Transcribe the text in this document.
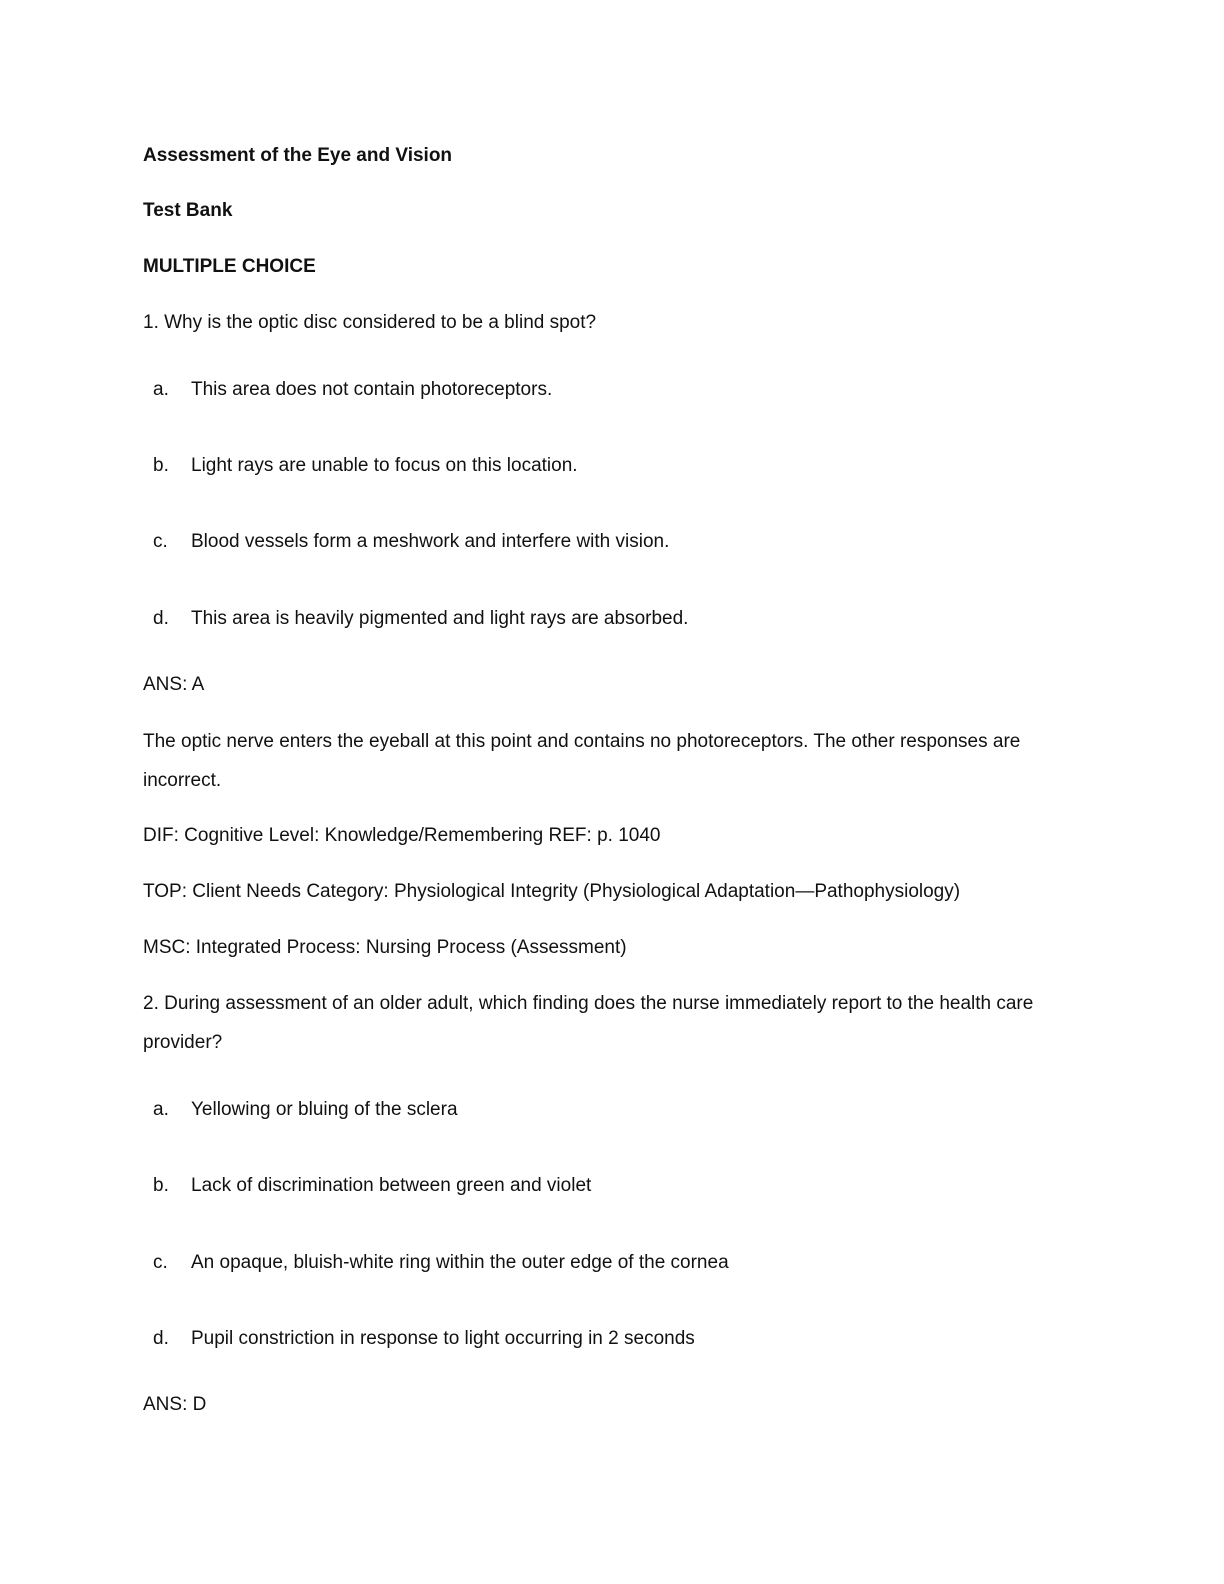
Assessment of the Eye and Vision
Test Bank
MULTIPLE CHOICE
1. Why is the optic disc considered to be a blind spot?
a. This area does not contain photoreceptors.
b. Light rays are unable to focus on this location.
c. Blood vessels form a meshwork and interfere with vision.
d. This area is heavily pigmented and light rays are absorbed.
ANS: A
The optic nerve enters the eyeball at this point and contains no photoreceptors. The other responses are incorrect.
DIF: Cognitive Level: Knowledge/Remembering REF: p. 1040
TOP: Client Needs Category: Physiological Integrity (Physiological Adaptation—Pathophysiology)
MSC: Integrated Process: Nursing Process (Assessment)
2. During assessment of an older adult, which finding does the nurse immediately report to the health care provider?
a. Yellowing or bluing of the sclera
b. Lack of discrimination between green and violet
c. An opaque, bluish-white ring within the outer edge of the cornea
d. Pupil constriction in response to light occurring in 2 seconds
ANS: D
